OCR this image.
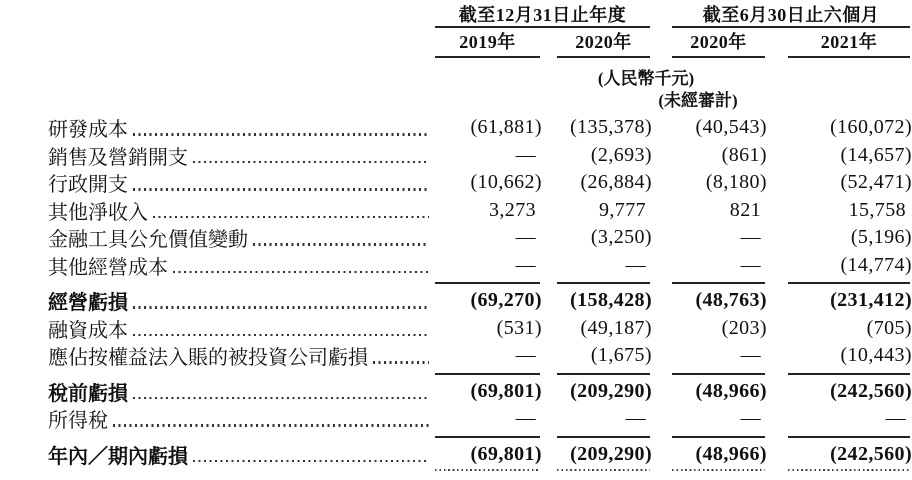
截至12月31日止年度	截至6月30日止六個月
2019年	2020年	2020年	2021年
(人民幣千元)
(未經審計)
研發成本	(61,881)	(135,378)	(40,543)	(160,072)
銷售及營銷開支	—	(2,693)	(861)	(14,657)
行政開支	(10,662)	(26,884)	(8,180)	(52,471)
其他淨收入	3,273	9,777	821	15,758
金融工具公允價值變動	—	(3,250)	—	(5,196)
其他經營成本	—	—	—	(14,774)
經營虧損	(69,270)	(158,428)	(48,763)	(231,412)
融資成本	(531)	(49,187)	(203)	(705)
應佔按權益法入賬的被投資公司虧損	—	(1,675)	—	(10,443)
稅前虧損	(69,801)	(209,290)	(48,966)	(242,560)
所得稅	—	—	—	—
年內／期內虧損	(69,801)	(209,290)	(48,966)	(242,560)
